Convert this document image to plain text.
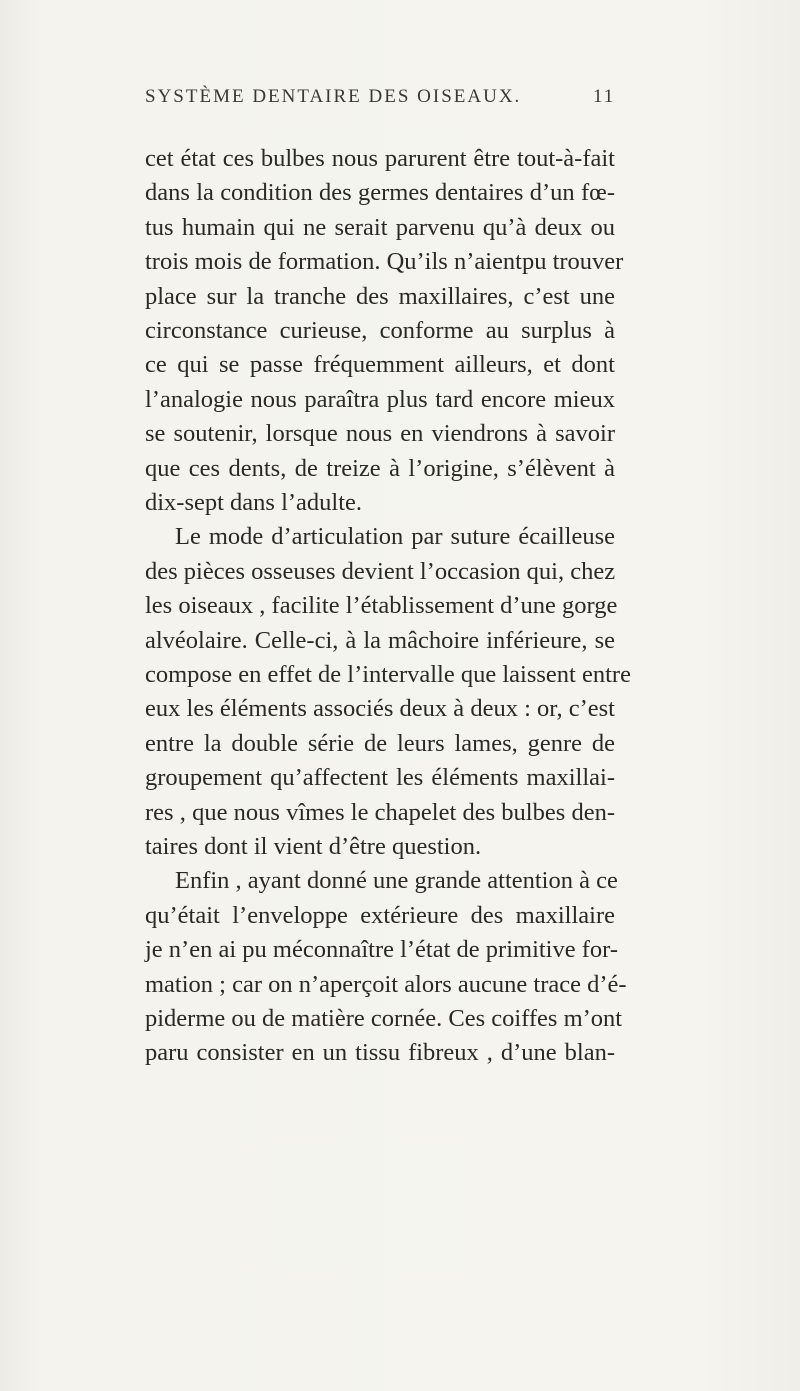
SYSTÈME DENTAIRE DES OISEAUX.	11
cet état ces bulbes nous parurent être tout-à-fait
dans la condition des germes dentaires d’un fœ-
tus humain qui ne serait parvenu qu’à deux ou
trois mois de formation. Qu’ils n’aientpu trouver
place sur la tranche des maxillaires, c’est une
circonstance curieuse, conforme au surplus à
ce qui se passe fréquemment ailleurs, et dont
l’analogie nous paraîtra plus tard encore mieux
se soutenir, lorsque nous en viendrons à savoir
que ces dents, de treize à l’origine, s’élèvent à
dix-sept dans l’adulte.
Le mode d’articulation par suture écailleuse
des pièces osseuses devient l’occasion qui, chez
les oiseaux , facilite l’établissement d’une gorge
alvéolaire. Celle-ci, à la mâchoire inférieure, se
compose en effet de l’intervalle que laissent entre
eux les éléments associés deux à deux : or, c’est
entre la double série de leurs lames, genre de
groupement qu’affectent les éléments maxillai-
res , que nous vîmes le chapelet des bulbes den-
taires dont il vient d’être question.
Enfin , ayant donné une grande attention à ce
qu’était l’enveloppe extérieure des maxillaire
je n’en ai pu méconnaître l’état de primitive for-
mation ; car on n’aperçoit alors aucune trace d’é-
piderme ou de matière cornée. Ces coiffes m’ont
paru consister en un tissu fibreux , d’une blan-
